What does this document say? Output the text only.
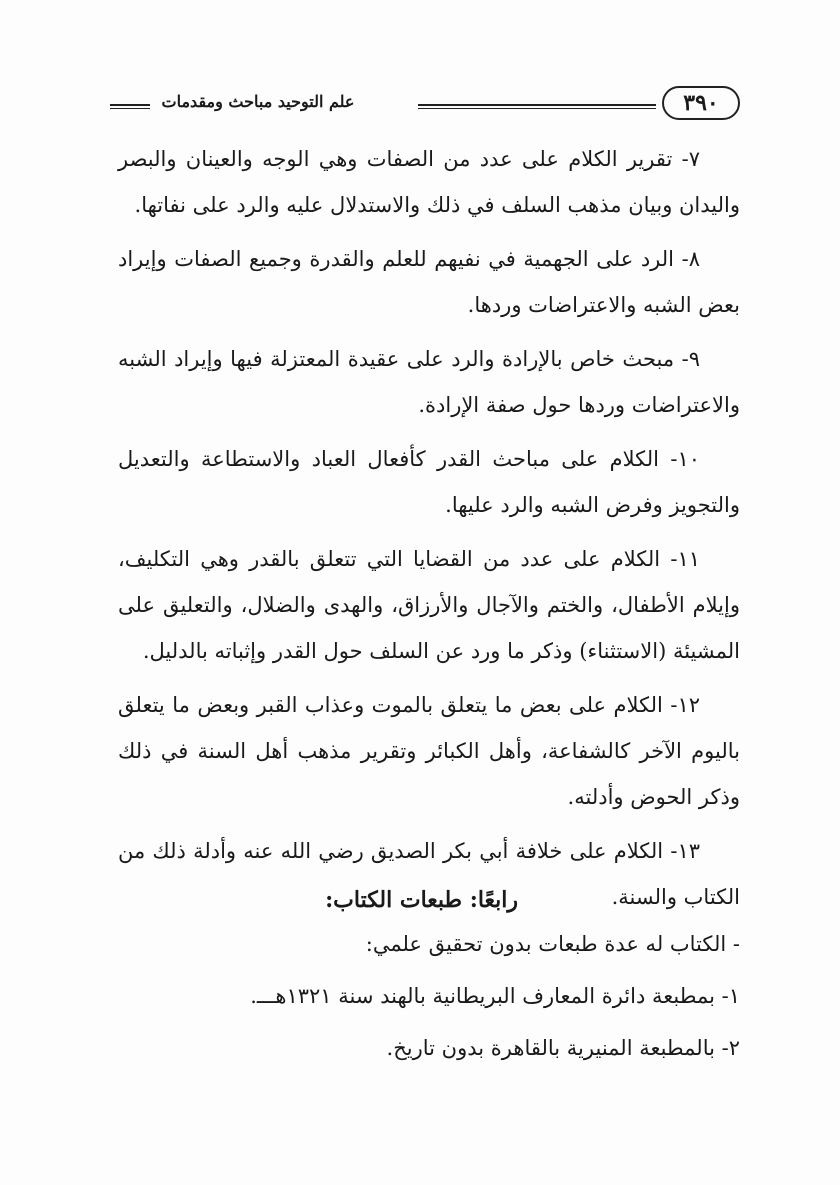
٣٩٠
علم التوحيد مباحث ومقدمات

٧- تقرير الكلام على عدد من الصفات وهي الوجه والعينان والبصر واليدان وبيان مذهب السلف في ذلك والاستدلال عليه والرد على نفاتها.

٨- الرد على الجهمية في نفيهم للعلم والقدرة وجميع الصفات وإيراد بعض الشبه والاعتراضات وردها.

٩- مبحث خاص بالإرادة والرد على عقيدة المعتزلة فيها وإيراد الشبه والاعتراضات وردها حول صفة الإرادة.

١٠- الكلام على مباحث القدر كأفعال العباد والاستطاعة والتعديل والتجويز وفرض الشبه والرد عليها.

١١- الكلام على عدد من القضايا التي تتعلق بالقدر وهي التكليف، وإيلام الأطفال، والختم والآجال والأرزاق، والهدى والضلال، والتعليق على المشيئة (الاستثناء) وذكر ما ورد عن السلف حول القدر وإثباته بالدليل.

١٢- الكلام على بعض ما يتعلق بالموت وعذاب القبر وبعض ما يتعلق باليوم الآخر كالشفاعة، وأهل الكبائر وتقرير مذهب أهل السنة في ذلك وذكر الحوض وأدلته.

١٣- الكلام على خلافة أبي بكر الصديق رضي الله عنه وأدلة ذلك من الكتاب والسنة.

رابعًا: طبعات الكتاب:

- الكتاب له عدة طبعات بدون تحقيق علمي:

١- بمطبعة دائرة المعارف البريطانية بالهند سنة ١٣٢١هـــ.

٢- بالمطبعة المنيرية بالقاهرة بدون تاريخ.
